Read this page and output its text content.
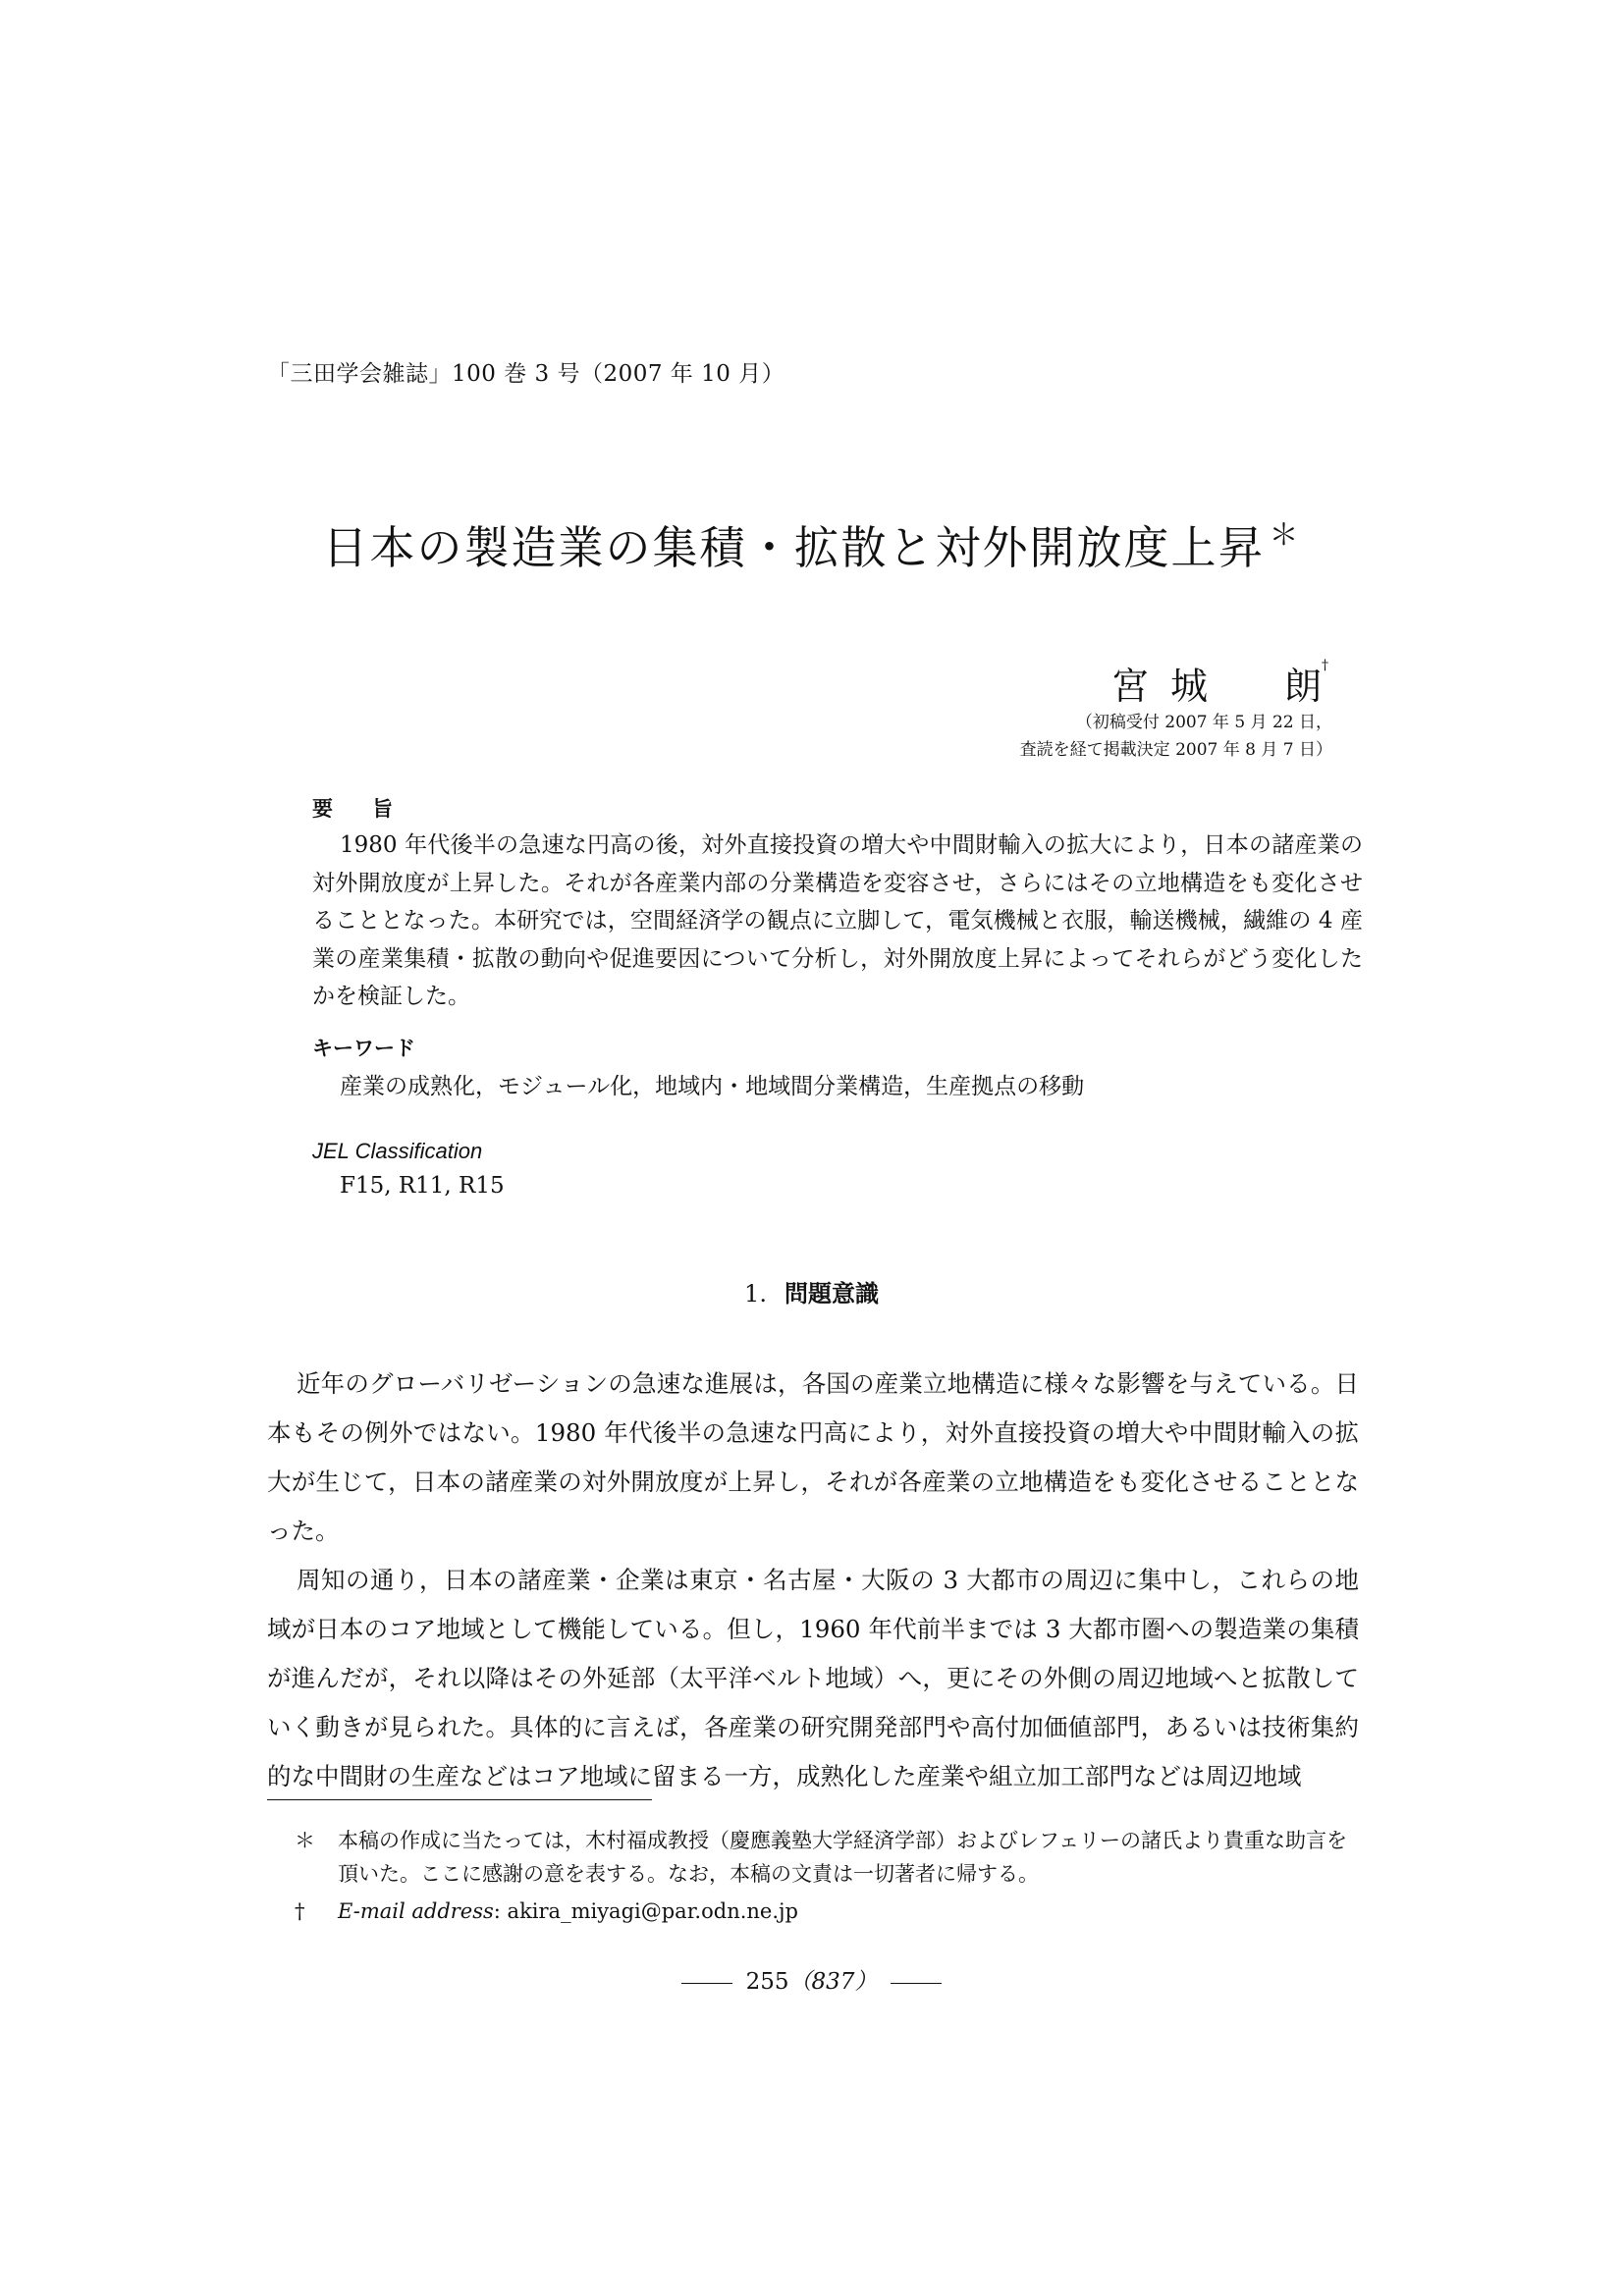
「三田学会雑誌」100 巻 3 号（2007 年 10 月）
日本の製造業の集積・拡散と対外開放度上昇 ＊
宮 城 朗†
（初稿受付 2007 年 5 月 22 日，
査読を経て掲載決定 2007 年 8 月 7 日）
要旨

1980 年代後半の急速な円高の後，対外直接投資の増大や中間財輸入の拡大により，日本の諸産業の対外開放度が上昇した。それが各産業内部の分業構造を変容させ，さらにはその立地構造をも変化させることとなった。本研究では，空間経済学の観点に立脚して，電気機械と衣服，輸送機械，繊維の 4 産業の産業集積・拡散の動向や促進要因について分析し，対外開放度上昇によってそれらがどう変化したかを検証した。

キーワード
産業の成熟化，モジュール化，地域内・地域間分業構造，生産拠点の移動
JEL Classification
F15, R11, R15
1. 問題意識

近年のグローバリゼーションの急速な進展は，各国の産業立地構造に様々な影響を与えている。日本もその例外ではない。1980 年代後半の急速な円高により，対外直接投資の増大や中間財輸入の拡大が生じて，日本の諸産業の対外開放度が上昇し，それが各産業の立地構造をも変化させることとなった。

周知の通り，日本の諸産業・企業は東京・名古屋・大阪の 3 大都市の周辺に集中し，これらの地域が日本のコア地域として機能している。但し，1960 年代前半までは 3 大都市圏への製造業の集積が進んだが，それ以降はその外延部（太平洋ベルト地域）へ，更にその外側の周辺地域へと拡散していく動きが見られた。具体的に言えば，各産業の研究開発部門や高付加価値部門，あるいは技術集約的な中間財の生産などはコア地域に留まる一方，成熟化した産業や組立加工部門などは周辺地域

＊	本稿の作成に当たっては，木村福成教授（慶應義塾大学経済学部）およびレフェリーの諸氏より貴重な助言を頂いた。ここに感謝の意を表する。なお，本稿の文責は一切著者に帰する。
†	E-mail address: akira_miyagi@par.odn.ne.jp
255（837）
